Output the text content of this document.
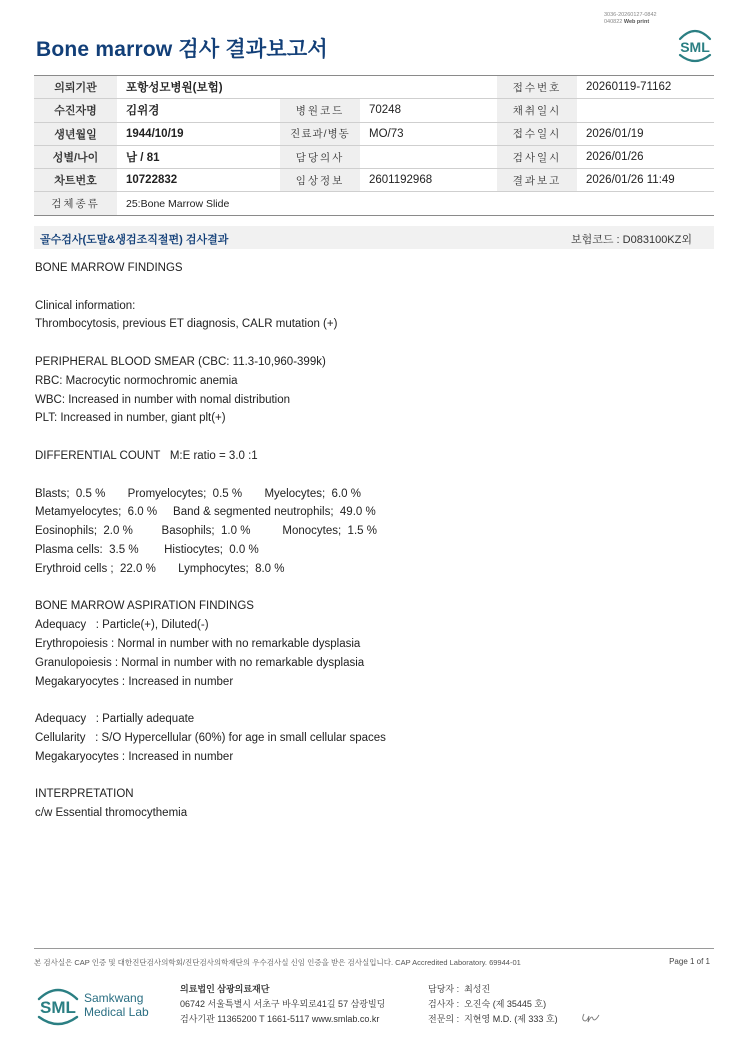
3036-20260127-0842
040822 Web print
Bone marrow 검사 결과보고서	SML
의뢰기관	포항성모병원(보험)			접수번호	20260119-71162
수진자명	김위경	병원코드	70248	채취일시	
생년월일	1944/10/19	진료과/병동	MO/73	접수일시	2026/01/19
성별/나이	남 / 81	담당의사		검사일시	2026/01/26
차트번호	10722832	임상정보	2601192968	결과보고	2026/01/26 11:49
검체종류	25:Bone Marrow Slide				
골수검사(도말&생검조직절편) 검사결과	보험코드 : D083100KZ외
BONE MARROW FINDINGS
Clinical information:
Thrombocytosis, previous ET diagnosis, CALR mutation (+)
PERIPHERAL BLOOD SMEAR (CBC: 11.3-10,960-399k)
RBC: Macrocytic normochromic anemia
WBC: Increased in number with nomal distribution
PLT: Increased in number, giant plt(+)
DIFFERENTIAL COUNT   M:E ratio = 3.0 :1
Blasts;  0.5 %       Promyelocytes;  0.5 %       Myelocytes;  6.0 %
Metamyelocytes;  6.0 %     Band & segmented neutrophils;  49.0 %
Eosinophils;  2.0 %         Basophils;  1.0 %          Monocytes;  1.5 %
Plasma cells:  3.5 %        Histiocytes;  0.0 %
Erythroid cells ;  22.0 %       Lymphocytes;  8.0 %
BONE MARROW ASPIRATION FINDINGS
Adequacy   : Particle(+), Diluted(-)
Erythropoiesis : Normal in number with no remarkable dysplasia
Granulopoiesis : Normal in number with no remarkable dysplasia
Megakaryocytes : Increased in number
Adequacy   : Partially adequate
Cellularity   : S/O Hypercellular (60%) for age in small cellular spaces
Megakaryocytes : Increased in number
INTERPRETATION
c/w Essential thromocythemia
본 검사실은 CAP 인증 및 대한진단검사의학회/진단검사의학재단의 우수검사실 신임 인증을 받은 검사실입니다. CAP Accredited Laboratory. 69944-01	Page 1 of 1
SML Samkwang
Medical Lab
의료법인 삼광의료재단
06742 서울특별시 서초구 바우뫼로41길 57 삼광빌딩
검사기관 11365200 T 1661-5117 www.smlab.co.kr
담당자 : 최성진
검사자 : 오진숙 (제 35445 호)
전문의 : 지현영 M.D. (제 333 호)
